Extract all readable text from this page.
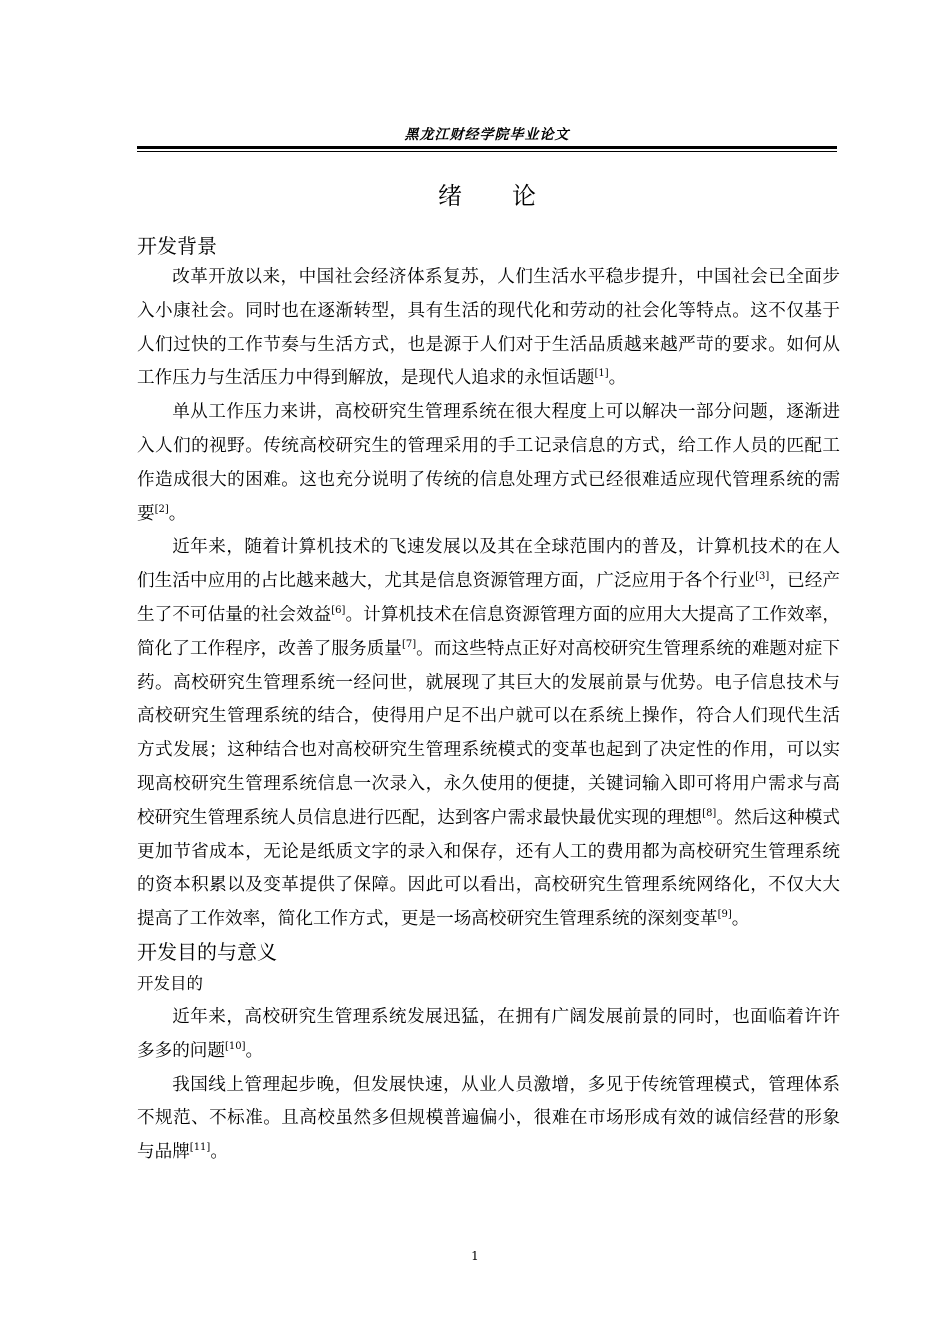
黑龙江财经学院毕业论文
绪 论
开发背景

改革开放以来，中国社会经济体系复苏，人们生活水平稳步提升，中国社会已全面步入小康社会。同时也在逐渐转型，具有生活的现代化和劳动的社会化等特点。这不仅基于人们过快的工作节奏与生活方式，也是源于人们对于生活品质越来越严苛的要求。如何从工作压力与生活压力中得到解放，是现代人追求的永恒话题[1]。

单从工作压力来讲，高校研究生管理系统在很大程度上可以解决一部分问题，逐渐进入人们的视野。传统高校研究生的管理采用的手工记录信息的方式，给工作人员的匹配工作造成很大的困难。这也充分说明了传统的信息处理方式已经很难适应现代管理系统的需要[2]。

近年来，随着计算机技术的飞速发展以及其在全球范围内的普及，计算机技术的在人们生活中应用的占比越来越大，尤其是信息资源管理方面，广泛应用于各个行业[3]，已经产生了不可估量的社会效益[6]。计算机技术在信息资源管理方面的应用大大提高了工作效率，简化了工作程序，改善了服务质量[7]。而这些特点正好对高校研究生管理系统的难题对症下药。高校研究生管理系统一经问世，就展现了其巨大的发展前景与优势。电子信息技术与高校研究生管理系统的结合，使得用户足不出户就可以在系统上操作，符合人们现代生活方式发展；这种结合也对高校研究生管理系统模式的变革也起到了决定性的作用，可以实现高校研究生管理系统信息一次录入，永久使用的便捷，关键词输入即可将用户需求与高校研究生管理系统人员信息进行匹配，达到客户需求最快最优实现的理想[8]。然后这种模式更加节省成本，无论是纸质文字的录入和保存，还有人工的费用都为高校研究生管理系统的资本积累以及变革提供了保障。因此可以看出，高校研究生管理系统网络化，不仅大大提高了工作效率，简化工作方式，更是一场高校研究生管理系统的深刻变革[9]。

开发目的与意义
开发目的

近年来，高校研究生管理系统发展迅猛，在拥有广阔发展前景的同时，也面临着许许多多的问题[10]。

我国线上管理起步晚，但发展快速，从业人员激增，多见于传统管理模式，管理体系不规范、不标准。且高校虽然多但规模普遍偏小，很难在市场形成有效的诚信经营的形象与品牌[11]。

1
